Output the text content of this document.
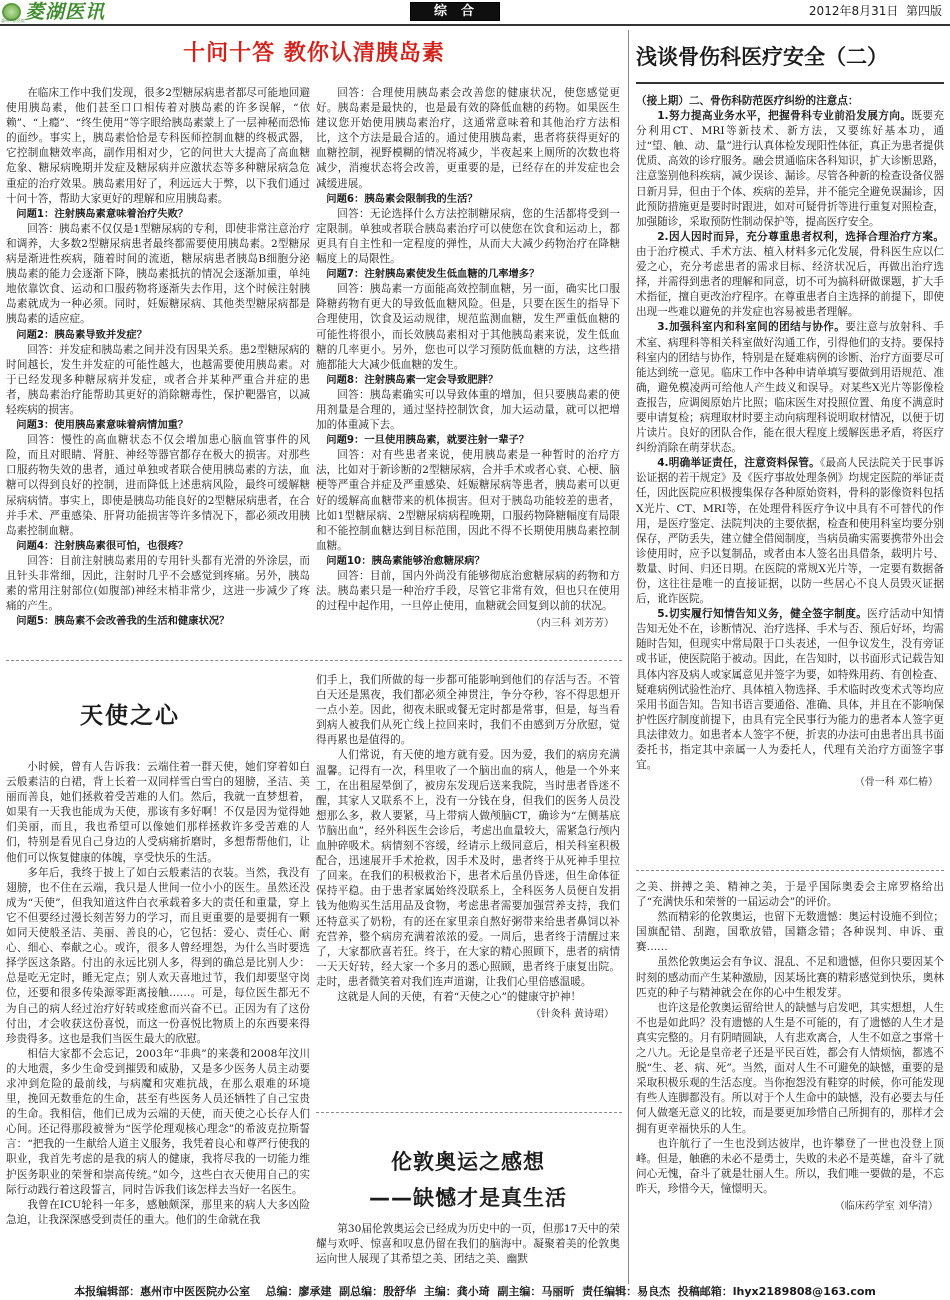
惠州中医医院 菱湖医讯	综合	2012年8月31日  第四版
十问十答 教你认清胰岛素

在临床工作中我们发现，很多2型糖尿病患者都尽可能地回避使用胰岛素，他们甚至口口相传着对胰岛素的许多误解，“依赖”、“上瘾”、“终生使用”等字眼给胰岛素蒙上了一层神秘而恐怖的面纱。事实上，胰岛素恰恰是专科医师控制血糖的终极武器，它控制血糖效率高，副作用相对少，它的问世大大提高了高血糖危象、糖尿病晚期并发症及糖尿病并应激状态等多种糖尿病急危重症的治疗效果。胰岛素用好了，利远远大于弊，以下我们通过十问十答，帮助大家更好的理解和应用胰岛素。

问题1：注射胰岛素意味着治疗失败？

回答：胰岛素不仅仅是1型糖尿病的专利，即使非常注意治疗和调养，大多数2型糖尿病患者最终都需要使用胰岛素。2型糖尿病是渐进性疾病，随着时间的流逝，糖尿病患者胰岛B细胞分泌胰岛素的能力会逐渐下降，胰岛素抵抗的情况会逐渐加重，单纯地依靠饮食、运动和口服药物将逐渐失去作用，这个时候注射胰岛素就成为一种必须。同时，妊娠糖尿病、其他类型糖尿病都是胰岛素的适应症。

问题2：胰岛素导致并发症？

回答：并发症和胰岛素之间并没有因果关系。患2型糖尿病的时间越长，发生并发症的可能性越大，也越需要使用胰岛素。对于已经发现多种糖尿病并发症，或者合并某种严重合并症的患者，胰岛素治疗能帮助其更好的消除糖毒性，保护靶器官，以减轻疾病的损害。

问题3：使用胰岛素意味着病情加重？

回答：慢性的高血糖状态不仅会增加患心脑血管事件的风险，而且对眼睛、肾脏、神经等器官都存在极大的损害。对那些口服药物失效的患者，通过单独或者联合使用胰岛素的方法，血糖可以得到良好的控制，进而降低上述患病风险，最终可缓解糖尿病病情。事实上，即使是胰岛功能良好的2型糖尿病患者，在合并手术、严重感染、肝肾功能损害等许多情况下，都必须改用胰岛素控制血糖。

问题4：注射胰岛素很可怕，也很疼？

回答：目前注射胰岛素用的专用针头都有光滑的外涂层，而且针头非常细，因此，注射时几乎不会感觉到疼痛。另外，胰岛素的常用注射部位(如腹部)神经末梢非常少，这进一步减少了疼痛的产生。

问题5：胰岛素不会改善我的生活和健康状况？

回答：合理使用胰岛素会改善您的健康状况，使您感觉更好。胰岛素是最快的，也是最有效的降低血糖的药物。如果医生建议您开始使用胰岛素治疗，这通常意味着和其他治疗方法相比，这个方法是最合适的。通过使用胰岛素，患者将获得更好的血糖控制，视野模糊的情况将减少，半夜起来上厕所的次数也将减少，消瘦状态将会改善，更重要的是，已经存在的并发症也会减缓进展。

问题6：胰岛素会限制我的生活？

回答：无论选择什么方法控制糖尿病，您的生活都将受到一定限制。单独或者联合胰岛素治疗可以使您在饮食和运动上，都更具有自主性和一定程度的弹性，从而大大减少药物治疗在降糖幅度上的局限性。

问题7：注射胰岛素使发生低血糖的几率增多？

回答：胰岛素一方面能高效控制血糖，另一面，确实比口服降糖药物有更大的导致低血糖风险。但是，只要在医生的指导下合理使用，饮食及运动规律，规范监测血糖，发生严重低血糖的可能性将很小，而长效胰岛素相对于其他胰岛素来说，发生低血糖的几率更小。另外，您也可以学习预防低血糖的方法，这些措施都能大大减少低血糖的发生。

问题8：注射胰岛素一定会导致肥胖？

回答：胰岛素确实可以导致体重的增加，但只要胰岛素的使用剂量是合理的，通过坚持控制饮食，加大运动量，就可以把增加的体重减下去。

问题9：一旦使用胰岛素，就要注射一辈子？

回答：对有些患者来说，使用胰岛素是一种暂时的治疗方法，比如对于新诊断的2型糖尿病，合并手术或者心衰、心梗、脑梗等严重合并症及严重感染、妊娠糖尿病等患者，胰岛素可以更好的缓解高血糖带来的机体损害。但对于胰岛功能较差的患者，比如1型糖尿病、2型糖尿病病程晚期，口服药物降糖幅度有局限和不能控制血糖达到目标范围，因此不得不长期使用胰岛素控制血糖。

问题10：胰岛素能够治愈糖尿病？

回答：目前，国内外尚没有能够彻底治愈糖尿病的药物和方法。胰岛素只是一种治疗手段，尽管它非常有效，但也只在使用的过程中起作用，一旦停止使用，血糖就会回复到以前的状况。

（内三科 刘芳芳）

浅谈骨伤科医疗安全（二）

（接上期）二、骨伤科防范医疗纠纷的注意点：

1.努力提高业务水平，把握骨科专业前沿发展方向。既要充分利用CT、MRI等新技术、新方法，又要练好基本功，通过“望、触、动、量”进行认真体检发现阳性体征，真正为患者提供优质、高效的诊疗服务。融会贯通临床各科知识，扩大诊断思路，注意鉴别他科疾病，减少误诊、漏诊。尽管各种新的检查设备仪器日新月异，但由于个体、疾病的差异，并不能完全避免误漏诊，因此预防措施更是要时时跟进，如对可疑骨折等进行重复对照检查，加强随诊，采取预防性制动保护等，提高医疗安全。

2.因人因时而异，充分尊重患者权利，选择合理治疗方案。由于治疗模式、手术方法、植入材料多元化发展，骨科医生应以仁爱之心，充分考虑患者的需求目标、经济状况后，再做出治疗选择，并需得到患者的理解和同意，切不可为搞科研做课题，扩大手术指征，擅自更改治疗程序。在尊重患者自主选择的前提下，即使出现一些难以避免的并发症也容易被患者理解。

3.加强科室内和科室间的团结与协作。要注意与放射科、手术室、病理科等相关科室做好沟通工作，引得他们的支持。要保持科室内的团结与协作，特别是在疑难病例的诊断、治疗方面要尽可能达到统一意见。临床工作中各种申请单填写要做到用语规范、准确，避免模凌两可给他人产生歧义和误导。对某些X光片等影像检查报告，应调阅原始片比照；临床医生对投照位置、角度不满意时要申请复检；病理取材时要主动向病理科说明取材情况，以便于切片读片。良好的团队合作，能在很大程度上缓解医患矛盾，将医疗纠纷消除在萌芽状态。

4.明确举证责任，注意资料保管。《最高人民法院关于民事诉讼证据的若干规定》及《医疗事故处理条例》均规定医院的举证责任，因此医院应积极搜集保存各种原始资料，骨科的影像资料包括X光片、CT、MRI等，在处理骨科医疗争议中具有不可替代的作用，是医疗鉴定、法院判决的主要依据，检查和使用科室均要分别保存，严防丢失，建立健全借阅制度，当病员确实需要携带外出会诊使用时，应予以复制品，或者由本人签名出具借条，载明片号、数量、时间、归还日期。在医院的常规X光片等，一定要有数据备份，这往往是唯一的直接证据，以防一些居心不良人员毁灭证据后，讹诈医院。

5.切实履行知情告知义务，健全签字制度。医疗活动中知情告知无处不在，诊断情况、治疗选择、手术与否、预后好坏，均需随时告知，但现实中常局限于口头表述，一但争议发生，没有旁证或书证，使医院陷于被动。因此，在告知时，以书面形式记载告知具体内容及病人或家属意见并签字为要，如特殊用药、有创检查、疑难病例试验性治疗、具体植入物选择、手术临时改变术式等均应采用书面告知。告知书语言要通俗、准确、具体，并且在不影响保护性医疗制度前提下，由具有完全民事行为能力的患者本人签字更具法律效力。如患者本人签字不便，折衷的办法可由患者出具书面委托书，指定其中亲属一人为委托人，代理有关治疗方面签字事宜。

（骨一科 邓仁椿）

天使之心

小时候，曾有人告诉我：云端住着一群天使，她们穿着如白云般素洁的白裙，背上长着一双同样雪白雪白的翅膀，圣洁、美丽而善良，她们拯救着受苦难的人们。然后，我就一直梦想着，如果有一天我也能成为天使，那该有多好啊！不仅是因为觉得她们美丽，而且，我也希望可以像她们那样拯救许多受苦难的人们，特别是看见自己身边的人受病痛折磨时，多想帮帮他们，让他们可以恢复健康的体魄，享受快乐的生活。

多年后，我终于披上了如白云般素洁的衣装。当然，我没有翅膀，也不住在云端，我只是人世间一位小小的医生。虽然还没成为“天使”，但我知道这件白衣承载着多大的责任和重量，穿上它不但要经过漫长刻苦努力的学习，而且更重要的是要拥有一颗如同天使般圣洁、美丽、善良的心，它包括：爱心、责任心、耐心、细心、奉献之心。或许，很多人曾经埋怨，为什么当时要选择学医这条路。付出的永远比别人多，得到的确总是比别人少：总是吃无定时，睡无定点；别人欢天喜地过节，我们却要坚守岗位，还要和很多传染源零距离接触……。可是，每位医生都无不为自己的病人经过治疗好转或痊愈而兴奋不已。正因为有了这份付出，才会收获这份喜悦，而这一份喜悦比物质上的东西要来得珍贵得多。这也是我们当医生最大的欣慰。

相信大家都不会忘记，2003年“非典”的来袭和2008年汶川的大地震，多少生命受到摧毁和威胁，又是多少医务人员主动要求冲到危险的最前线，与病魔和灾难抗战，在那么艰难的环境里，挽回无数垂危的生命，甚至有些医务人员还牺牲了自己宝贵的生命。我相信，他们已成为云端的天使，而天使之心长存人们心间。还记得那段被誉为“医学伦理观核心理念”的希波克拉斯誓言：“把我的一生献给人道主义服务，我凭着良心和尊严行使我的职业，我首先考虑的是我的病人的健康，我将尽我的一切能力维护医务职业的荣誉和崇高传统。”如今，这些白衣天使用自己的实际行动践行着这段誓言，同时告诉我们该怎样去当好一名医生。

我曾在ICU轮科一年多，感触颇深，那里来的病人大多凶险急迫，让我深深感受到责任的重大。他们的生命就在我

们手上，我们所做的每一步都可能影响到他们的存活与否。不管白天还是黑夜，我们都必须全神贯注，争分夺秒，容不得思想开一点小差。因此，彻夜未眠或餐无定时都是常事，但是，每当看到病人被我们从死亡线上拉回来时，我们不由感到万分欣慰，觉得再累也是值得的。

人们常说，有天使的地方就有爱。因为爱，我们的病房充满温馨。记得有一次，科里收了一个脑出血的病人，他是一个外来工，在出租屋晕倒了，被房东发现后送来我院，当时患者昏迷不醒，其家人又联系不上，没有一分钱在身，但我们的医务人员没想那么多，救人要紧，马上带病人做颅脑CT，确诊为“左侧基底节脑出血”，经外科医生会诊后，考虑出血量较大，需紧急行颅内血肿碎吸术。病情刻不容缓，经请示上级同意后，相关科室积极配合，迅速展开手术抢救，因手术及时，患者终于从死神手里拉了回来。在我们的积极救治下，患者术后虽仍昏迷，但生命体征保持平稳。由于患者家属始终没联系上，全科医务人员便自发捐钱为他购买生活用品及食物，考虑患者需要加强营养支持，我们还特意买了奶粉，有的还在家里亲自熬好粥带来给患者鼻饲以补充营养，整个病房充满着浓浓的爱。一周后，患者终于清醒过来了，大家都欣喜若狂。终于，在大家的精心照顾下，患者的病情一天天好转，经大家一个多月的悉心照顾，患者终于康复出院。走时，患者微笑着对我们连声道谢，让我们心里倍感温暖。

这就是人间的天使，有着“天使之心”的健康守护神！

（针灸科 黄诗珺）

伦敦奥运之感想
——缺憾才是真生活

第30届伦敦奥运会已经成为历史中的一页，但那17天中的荣耀与欢呼、惊喜和叹息仍留在我们的脑海中。凝聚着美的伦敦奥运向世人展现了其希望之美、团结之美、幽默

之美、拼搏之美、精神之美，于是乎国际奥委会主席罗格给出了“充满快乐和荣誉的一届运动会”的评价。

然而精彩的伦敦奥运，也留下无数遗憾：奥运村设施不到位；国旗配错、刮跑，国歌放错，国籍念错；各种误判、申诉、重赛……

虽然伦敦奥运会有争议、混乱、不足和遗憾，但你只要因某个时刻的感动而产生某种激励，因某场比赛的精彩感觉到快乐，奥林匹克的种子与精神就会在你的心中生根发芽。

也许这是伦敦奥运留给世人的缺憾与启发吧，其实想想，人生不也是如此吗？没有遗憾的人生是不可能的，有了遗憾的人生才是真实完整的。月有阴晴圆缺，人有悲欢离合，人生不如意之事常十之八九。无论是皇帝老子还是平民百姓，都会有人情烦恼，都逃不脱“生、老、病、死”。当然，面对人生不可避免的缺憾，重要的是采取积极乐观的生活态度。当你抱怨没有鞋穿的时候，你可能发现有些人连脚都没有。所以对于个人生命中的缺憾，没有必要去与任何人做毫无意义的比较，而是要更加珍惜自己所拥有的，那样才会拥有更幸福快乐的人生。

也许航行了一生也没到达彼岸，也许攀登了一世也没登上顶峰。但是，触礁的未必不是勇士，失败的未必不是英雄，奋斗了就问心无愧，奋斗了就是壮丽人生。所以，我们唯一要做的是，不忘昨天，珍惜今天，憧憬明天。

（临床药学室 刘华清）

本报编辑部：惠州市中医医院办公室    总编：廖承建  副总编：殷舒华  主编：龚小琦  副主编：马丽昕  责任编辑：易良杰  投稿邮箱：lhyx2189808@163.com
